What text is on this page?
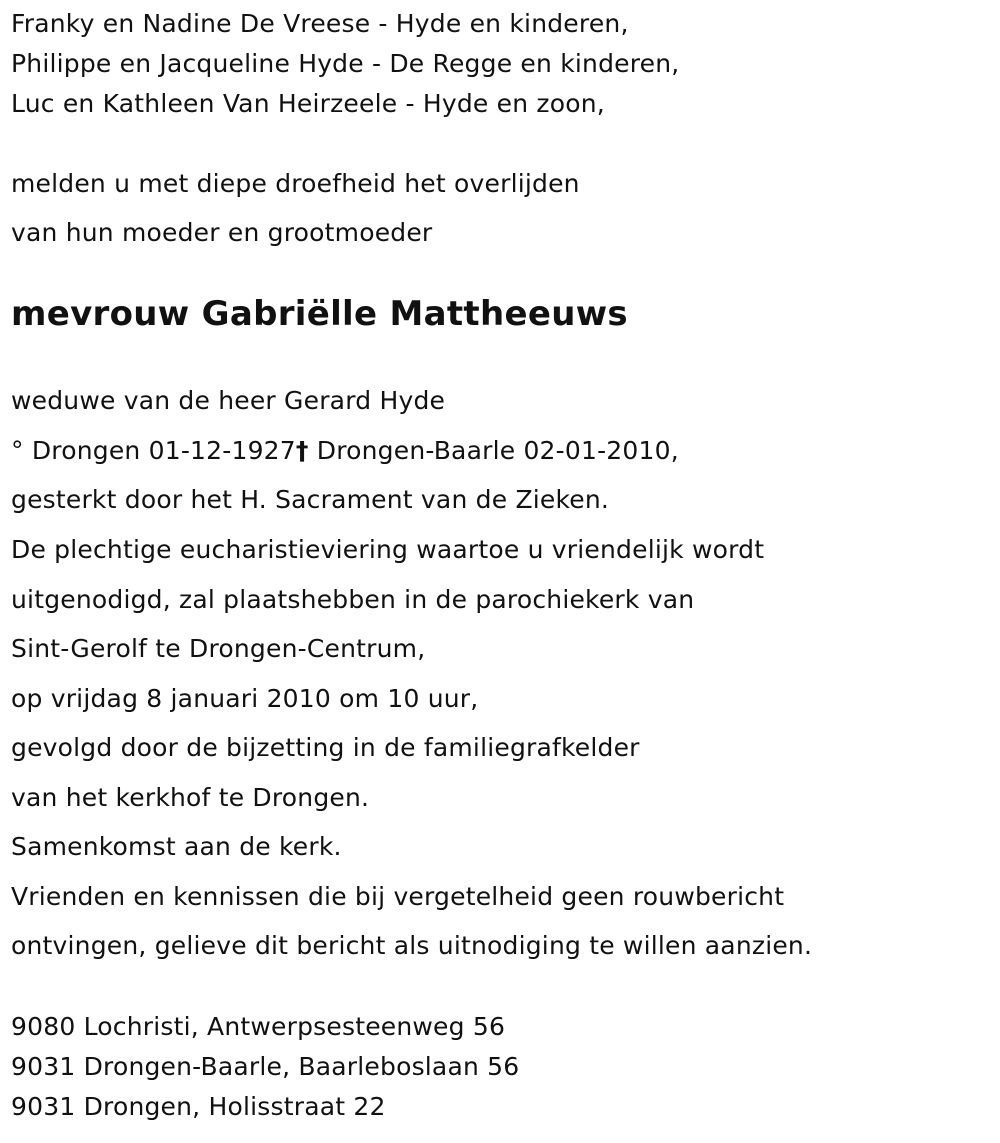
Franky en Nadine De Vreese - Hyde en kinderen,
Philippe en Jacqueline Hyde - De Regge en kinderen,
Luc en Kathleen Van Heirzeele - Hyde en zoon,
melden u met diepe droefheid het overlijden
van hun moeder en grootmoeder
mevrouw Gabriëlle Mattheeuws
weduwe van de heer Gerard Hyde
° Drongen 01-12-1927† Drongen-Baarle 02-01-2010,
gesterkt door het H. Sacrament van de Zieken.
De plechtige eucharistieviering waartoe u vriendelijk wordt
uitgenodigd, zal plaatshebben in de parochiekerk van
Sint-Gerolf te Drongen-Centrum,
op vrijdag 8 januari 2010 om 10 uur,
gevolgd door de bijzetting in de familiegrafkelder
van het kerkhof te Drongen.
Samenkomst aan de kerk.
Vrienden en kennissen die bij vergetelheid geen rouwbericht
ontvingen, gelieve dit bericht als uitnodiging te willen aanzien.
9080 Lochristi, Antwerpsesteenweg 56
9031 Drongen-Baarle, Baarleboslaan 56
9031 Drongen, Holisstraat 22
